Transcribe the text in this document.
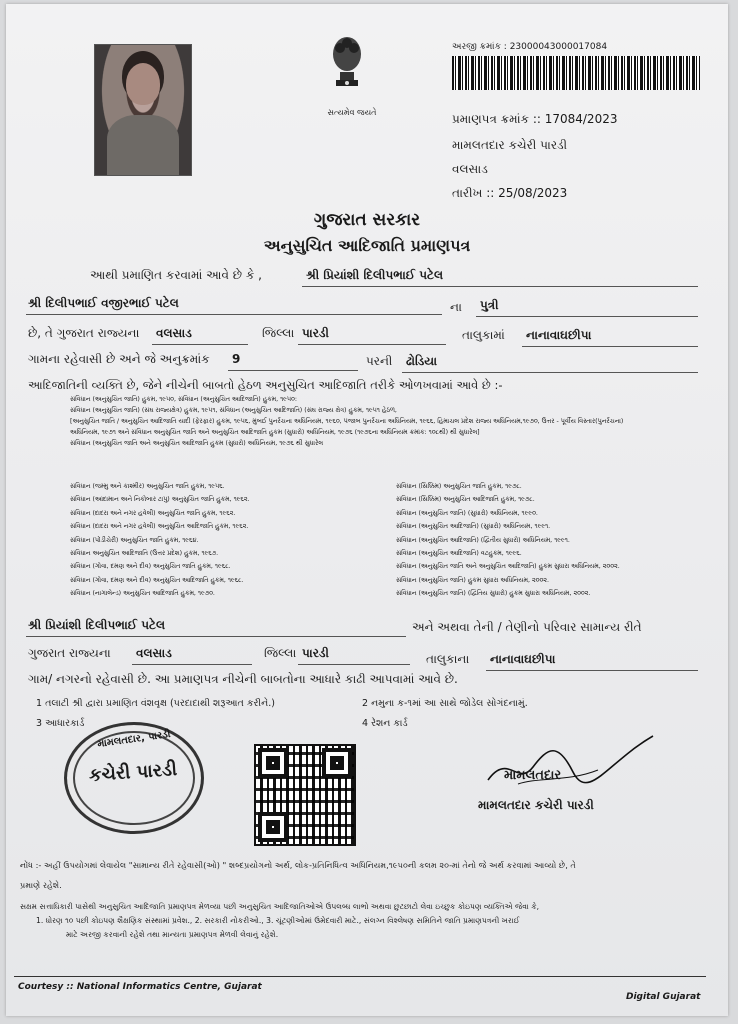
સત્યમેવ જયતે
અરજી ક્રમાંક : 23000043000017084
પ્રમાણપત્ર ક્રમાંક :: 17084/2023
મામલતદાર કચેરી પારડી
વલસાડ
તારીખ :: 25/08/2023
ગુજરાત સરકાર
અનુસુચિત આદિજાતિ પ્રમાણપત્ર
આથી પ્રમાણિત કરવામાં આવે છે કે ,	શ્રી પ્રિયાંશી દિલીપભાઈ પટેલ
શ્રી દિલીપભાઈ વજીરભાઈ પટેલ	ના પુત્રી
છે, તે ગુજરાત રાજ્યના વલસાડ	જિલ્લા પારડી	તાલુકામાં નાનાવાઘછીપા
ગામના રહેવાસી છે અને જે અનુક્રમાંક 9	પરની ઢોડિયા
આદિજાતિની વ્યક્તિ છે, જેને નીચેની બાબતો હેઠળ અનુસુચિત આદિજાતિ તરીકે ઓળખવામાં આવે છે :-
સંવિધાન (અનુસુચિત જાતિ) હુકમ, ૧૯૫૦, સંવિધાન (અનુસુચિત આદિજાતિ) હુકમ, ૧૯૫૦:
સંવિધાન (અનુસુચિત જાતિ) (સંઘ રાજ્યક્ષેત્ર) હુકમ, ૧૯૫૧, સંવિધાન (અનુસુચિત આદિજાતિ) (સંઘ રાજ્ય ક્ષેત્ર) હુકમ, ૧૯૫૧ હેઠળ,
[અનુસુચિત જાતિ / અનુસુચિત આદિજાતિ યાદી (ફેરફાર) હુકમ, ૧૯૫૬, મુંબઈ પુનર્રચના અધિનિયમ, ૧૯૬૦, પંજાબ પુનર્રચના અધિનિયમ, ૧૯૬૬, હિમાચલ પ્રદેશ રાજ્ય અધિનિયમ,૧૯૭૦, ઉત્તર - પૂર્વીય વિસ્તાર(પુનર્રચના)
અધિનિયમ, ૧૯૭૧ અને સંવિધાન અનુસુચિત જાતિ અને અનુસુચિત આદિજાતિ હુકમ (સુધારો) અધિનિયમ, ૧૯૭૬ (૧૯૭૬ના અધિનિયમ ક્રમાંક: ૧૦૮થી) થી સુધારેલ]
સંવિધાન (અનુસુચિત જાતિ અને અનુસુચિત આદિજાતિ હુકમ (સુધારો) અધિનિયમ, ૧૯૭૬ થી સુધારેલ
સંવિધાન (જમ્મુ અને કાશ્મીર) અનુસુચિત જાતિ હુકમ, ૧૯૫૬.
સંવિધાન (આંદામાન અને નિકોબાર ટાપુ) અનુસુચિત જાતિ હુકમ, ૧૯૬૨.
સંવિધાન (દાદરા અને નગર હવેલી) અનુસુચિત જાતિ હુકમ, ૧૯૬૨.
સંવિધાન (દાદરા અને નગર હવેલી) અનુસુચિત આદિજાતિ હુકમ, ૧૯૬૨.
સંવિધાન (પોંડીચેરી) અનુસુચિત જાતિ હુકમ, ૧૯૬૪.
સંવિધાન અનુસુચિત આદિજાતિ (ઉત્તર પ્રદેશ) હુકમ, ૧૯૬૭.
સંવિધાન (ગોવા, દમણ અને દીવ) અનુસુચિત જાતિ હુકમ, ૧૯૬૮.
સંવિધાન (ગોવા, દમણ અને દીવ) અનુસુચિત આદિજાતિ હુકમ, ૧૯૬૮.
સંવિધાન (નાગાલેન્ડ) અનુસુચિત આદિજાતિ હુકમ, ૧૯૭૦.
સંવિધાન (સિક્કિમ) અનુસુચિત જાતિ હુકમ, ૧૯૭૮.
સંવિધાન (સિક્કિમ) અનુસુચિત આદિજાતિ હુકમ, ૧૯૭૮.
સંવિધાન (અનુસુચિત જાતિ) (સુધારો) અધિનિયમ, ૧૯૯૦.
સંવિધાન (અનુસુચિત આદિજાતિ) (સુધારો) અધિનિયમ, ૧૯૯૧.
સંવિધાન (અનુસુચિત આદિજાતિ) (દ્વિતીય સુધારો) અધિનિયમ, ૧૯૯૧.
સંવિધાન (અનુસુચિત આદિજાતિ) વટહુકમ, ૧૯૯૬.
સંવિધાન (અનુસુચિત જાતિ અને અનુસુચિત આદિજાતિ) હુકમ સુધારા અધિનિયમ, ૨૦૦૨.
સંવિધાન (અનુસુચિત જાતિ) હુકમ સુધારા અધિનિયમ, ૨૦૦૨.
સંવિધાન (અનુસુચિત જાતિ) (દ્વિતિય સુધારો) હુકમ સુધારા અધિનિયમ, ૨૦૦૨.
શ્રી પ્રિયાંશી દિલીપભાઈ પટેલ	અને અથવા તેની / તેણીનો પરિવાર સામાન્ય રીતે
ગુજરાત રાજ્યના વલસાડ	જિલ્લા પારડી	તાલુકાના નાનાવાઘછીપા
ગામ/ નગરનો રહેવાસી છે. આ પ્રમાણપત્ર નીચેની બાબતોના આધારે કાઢી આપવામાં આવે છે.
1 તલાટી શ્રી દ્વારા પ્રમાણિત વંશવૃક્ષ (પરદાદાથી શરૂઆત કરીને.)	2 નમુના ક-૧માં આ સાથે જોડેલ સોગંદનામું.
3 આધારકાર્ડ	4 રેશન કાર્ડ
મામલતદાર, પારડી
કચેરી પારડી	મામલતદાર
મામલતદાર કચેરી પારડી
નોંધ :- અહીં ઉપયોગમાં લેવાયેલ "સામાન્ય રીતે રહેવાસી(ઓ) " શબ્દપ્રયોગનો અર્થ, લોક-પ્રતિનિધિત્વ અધિનિયમ,૧૯૫૦ની કલમ ૨૦-માં તેનો જે અર્થ કરવામાં આવ્યો છે, તે
પ્રમાણે રહેશે.
સક્ષમ સત્તાધિકારી પાસેથી અનુસુચિત આદિજાતિ પ્રમાણપત્ર મેળવ્યા પછી અનુસુચિત આદિજાતિઓએ ઉપલબ્ધ લાભો અથવા છુટછાટો લેવા ઇચ્છુક કોઇપણ વ્યક્તિએ જેવા કે,
1. ધોરણ ૧૦ પછી કોઇપણ શૈક્ષણિક સંસ્થામાં પ્રવેશ., 2. સરકારી નોકરીઓ., 3. ચૂંટણીઓમાં ઉમેદવારી માટે., સંલગ્ન વિશ્લેષણ સમિતિને જાતિ પ્રમાણપત્રની ખરાઈ
માટે અરજી કરવાની રહેશે તથા માન્યતા પ્રમાણપત્ર મેળવી લેવાનું રહેશે.
Courtesy :: National Informatics Centre, Gujarat
Digital Gujarat
